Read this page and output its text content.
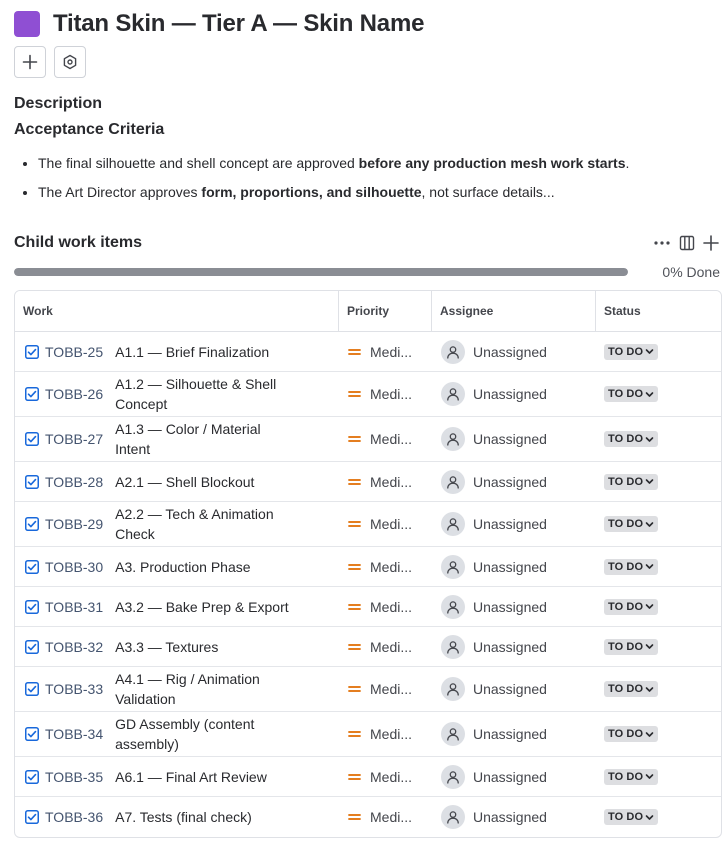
Titan Skin — Tier A — Skin Name
Description
Acceptance Criteria
• The final silhouette and shell concept are approved before any production mesh work starts.
• The Art Director approves form, proportions, and silhouette, not surface details...
Child work items
0% Done
Work	Priority	Assignee	Status
TOBB-25 A1.1 — Brief Finalization	Medi...	Unassigned	TO DO
TOBB-26
A1.2 — Silhouette & Shell Concept
Medi...	Unassigned	TO DO
TOBB-27
A1.3 — Color / Material Intent
Medi...	Unassigned	TO DO
TOBB-28 A2.1 — Shell Blockout	Medi...	Unassigned	TO DO
TOBB-29
A2.2 — Tech & Animation Check
Medi...	Unassigned	TO DO
TOBB-30 A3. Production Phase	Medi...	Unassigned	TO DO
TOBB-31 A3.2 — Bake Prep & Export	Medi...	Unassigned	TO DO
TOBB-32 A3.3 — Textures	Medi...	Unassigned	TO DO
TOBB-33
A4.1 — Rig / Animation Validation
Medi...	Unassigned	TO DO
TOBB-34
GD Assembly (content assembly)
Medi...	Unassigned	TO DO
TOBB-35 A6.1 — Final Art Review	Medi...	Unassigned	TO DO
TOBB-36 A7. Tests (final check)	Medi...	Unassigned	TO DO
